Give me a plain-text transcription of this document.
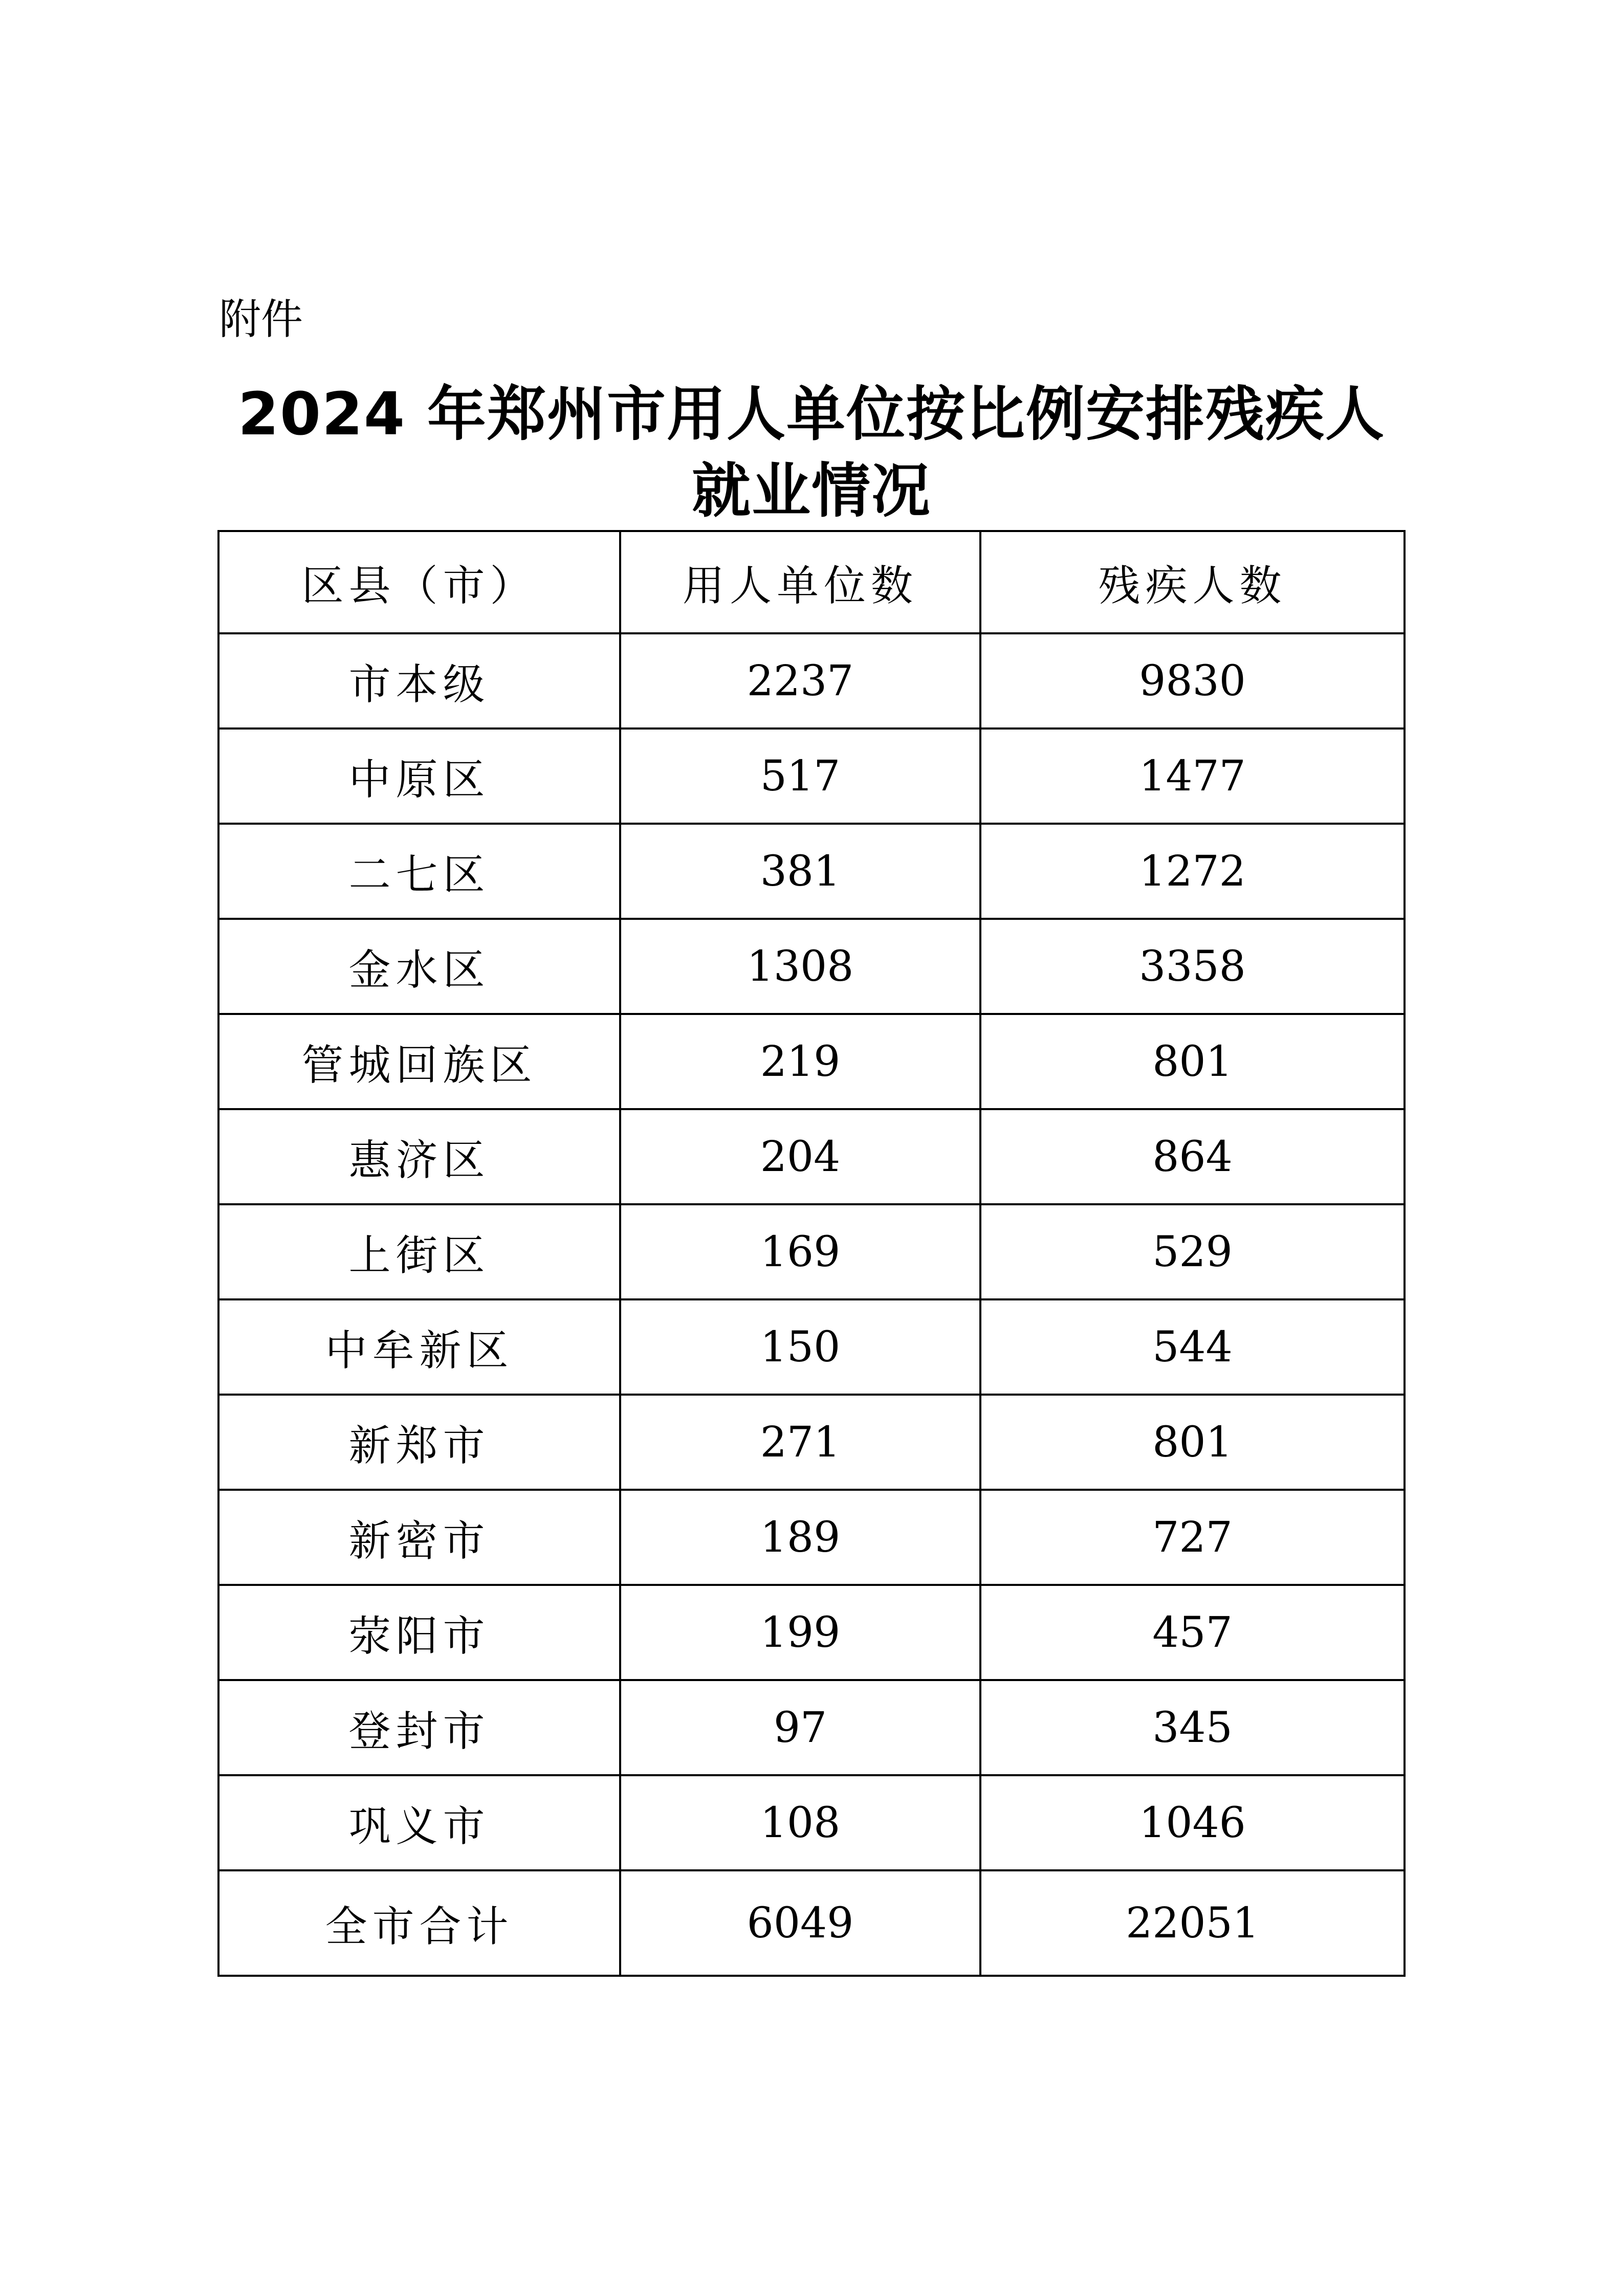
附件
2024 年郑州市用人单位按比例安排残疾人
就业情况
区县（市）	用人单位数	残疾人数
市本级	2237	9830
中原区	517	1477
二七区	381	1272
金水区	1308	3358
管城回族区	219	801
惠济区	204	864
上街区	169	529
中牟新区	150	544
新郑市	271	801
新密市	189	727
荥阳市	199	457
登封市	97	345
巩义市	108	1046
全市合计	6049	22051
